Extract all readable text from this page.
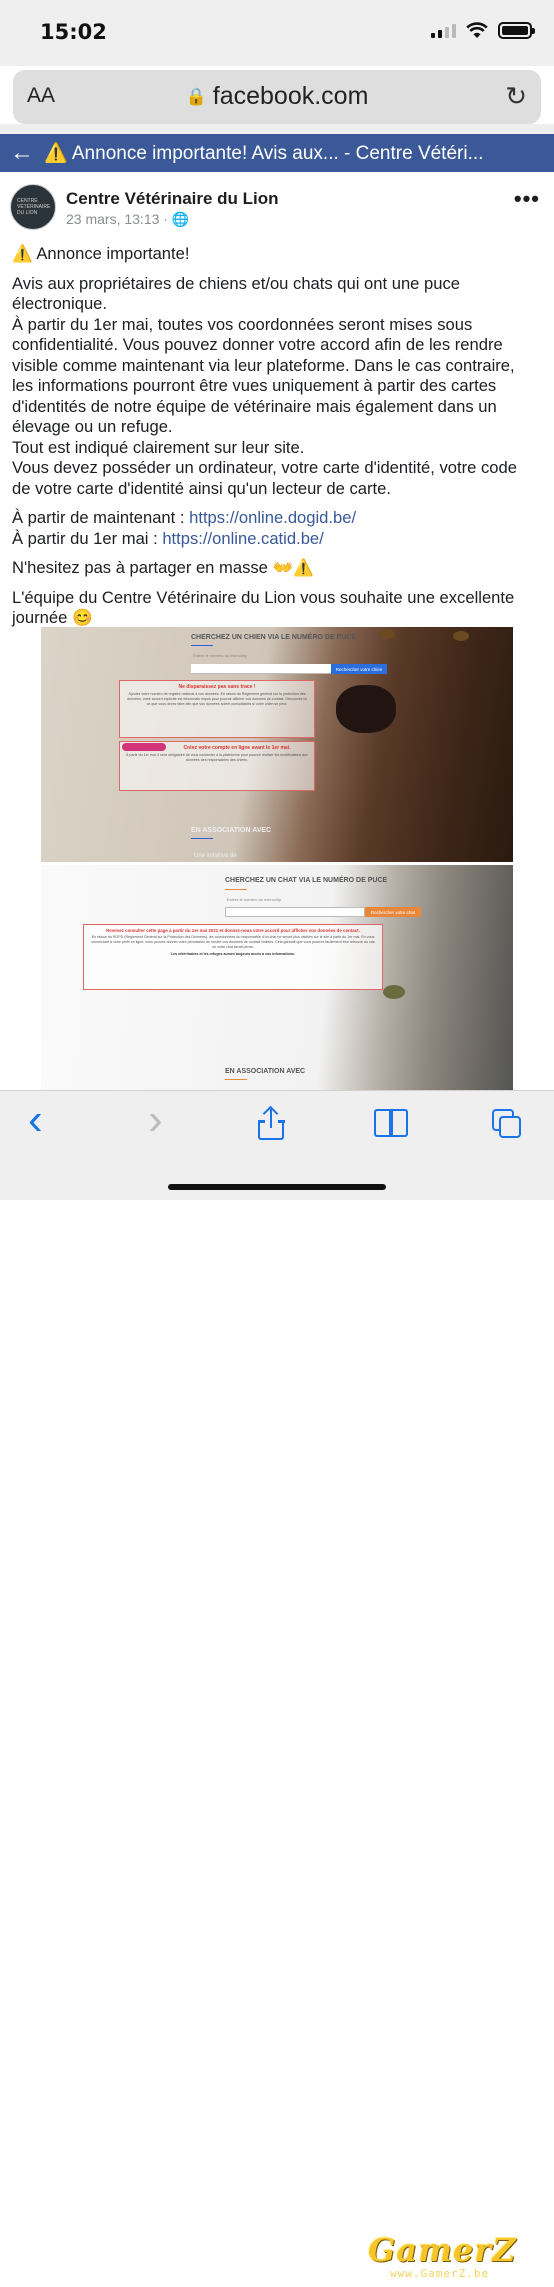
15:02
AA	🔒 facebook.com	↻
← ⚠️ Annonce importante! Avis aux... - Centre Vétéri...
CENTRE VÉTÉRINAIRE DU LION
Centre Vétérinaire du Lion
23 mars, 13:13 · 🌐
•••

⚠️ Annonce importante!

Avis aux propriétaires de chiens et/ou chats qui ont une puce électronique.
À partir du 1er mai, toutes vos coordonnées seront mises sous confidentialité. Vous pouvez donner votre accord afin de les rendre visible comme maintenant via leur plateforme. Dans le cas contraire, les informations pourront être vues uniquement à partir des cartes d'identités de notre équipe de vétérinaire mais également dans un élevage ou un refuge.
Tout est indiqué clairement sur leur site.
Vous devez posséder un ordinateur, votre carte d'identité, votre code de votre carte d'identité ainsi qu'un lecteur de carte.

À partir de maintenant : https://online.dogid.be/
À partir du 1er mai : https://online.catid.be/

N'hesitez pas à partager en masse 👐⚠️

L'équipe du Centre Vétérinaire du Lion vous souhaite une excellente journée 😊

CHERCHEZ UN CHIEN VIA LE NUMÉRO DE PUCE
Entrez le numéro du microchip
Rechercher votre chien
Ne disparaissez pas sans trace !
Ajoutez votre numéro de registre national à vos données. En raison du Règlement général sur la protection des données, votre accord explicite est désormais requis pour pouvoir afficher vos données de contact. Découvrez ici ce que vous devez faire afin que vos données soient consultables si votre chien se perd.
Créez votre compte en ligne avant le 1er mai.
À partir du 1er mai, il sera obligatoire de vous connecter à la plateforme pour pouvoir réaliser les modifications aux données des responsables des chiens.
EN ASSOCIATION AVEC
Une initiative de
CHERCHEZ UN CHAT VIA LE NUMÉRO DE PUCE
Entrez le numéro du microchip
Rechercher votre chat
Revenez consulter cette page à partir du 1er mai 2021 et donnez-nous votre accord pour afficher vos données de contact.
En raison du RGPD (Règlement Général sur la Protection des Données), les coordonnées du responsable d'un chat ne seront plus visibles sur le site à partir du 1er mai. En vous connectant à votre profil en ligne, vous pouvez donner votre permission de rendre vos données de contact visibles. Cela garantit que vous pourrez facilement être retrouvé au cas où votre chat serait perdu.
Les vétérinaires et les refuges auront toujours accès à vos informations.
EN ASSOCIATION AVEC
‹ ›
GamerZ
www.GamerZ.be
